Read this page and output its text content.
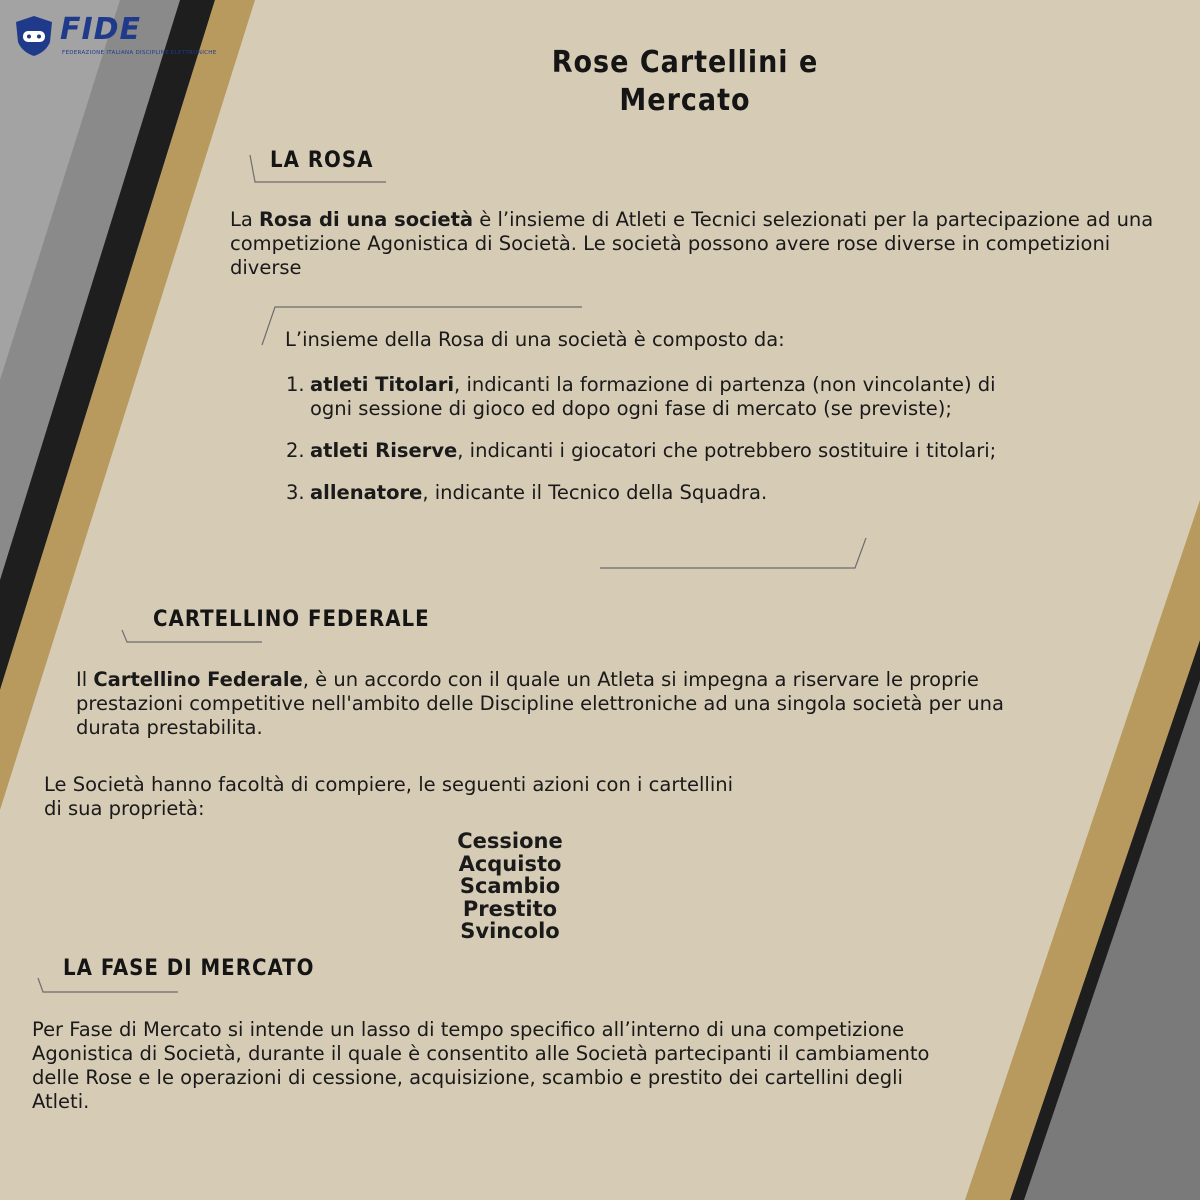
FIDE
FEDERAZIONE ITALIANA DISCIPLINE ELETTRONICHE	Rose Cartellini e
Mercato
LA ROSA
La Rosa di una società è l’insieme di Atleti e Tecnici selezionati per la partecipazione ad una competizione Agonistica di Società. Le società possono avere rose diverse in competizioni diverse
L’insieme della Rosa di una società è composto da:
1. atleti Titolari, indicanti la formazione di partenza (non vincolante) di ogni sessione di gioco ed dopo ogni fase di mercato (se previste);
2. atleti Riserve, indicanti i giocatori che potrebbero sostituire i titolari;
3. allenatore, indicante il Tecnico della Squadra.
CARTELLINO FEDERALE
Il Cartellino Federale, è un accordo con il quale un Atleta si impegna a riservare le proprie prestazioni competitive nell'ambito delle Discipline elettroniche ad una singola società per una durata prestabilita.
Le Società hanno facoltà di compiere, le seguenti azioni con i cartellini di sua proprietà:
Cessione
Acquisto
Scambio
Prestito
Svincolo
LA FASE DI MERCATO
Per Fase di Mercato si intende un lasso di tempo specifico all’interno di una competizione Agonistica di Società, durante il quale è consentito alle Società partecipanti il cambiamento delle Rose e le operazioni di cessione, acquisizione, scambio e prestito dei cartellini degli Atleti.
